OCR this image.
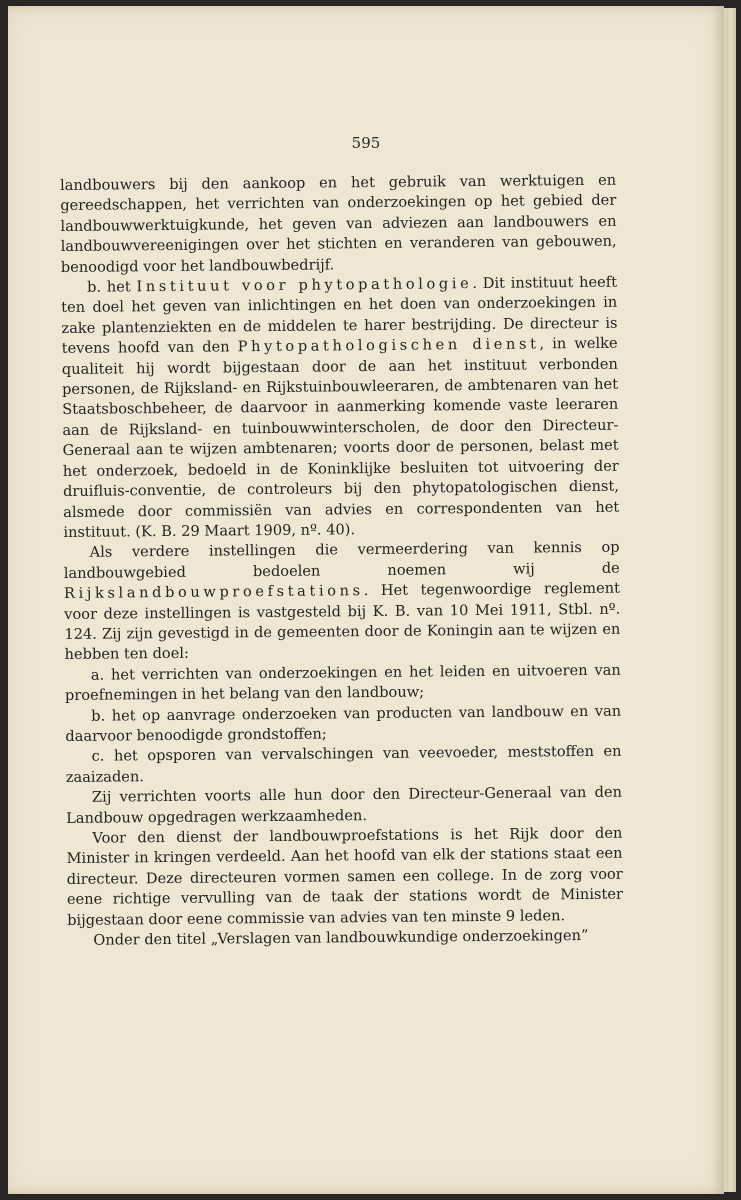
595

landbouwers bij den aankoop en het gebruik van werktuigen en gereedschappen, het verrichten van onderzoekingen op het gebied der landbouwwerktuigkunde, het geven van adviezen aan landbouwers en landbouwvereenigingen over het stichten en veranderen van gebouwen, benoodigd voor het landbouwbedrijf.

b. het Instituut voor phytopathologie. Dit instituut heeft ten doel het geven van inlichtingen en het doen van onderzoekingen in zake plantenziekten en de middelen te harer bestrijding. De directeur is tevens hoofd van den Phytopathologischen dienst, in welke qualiteit hij wordt bijgestaan door de aan het instituut verbonden personen, de Rijksland- en Rijkstuinbouwleeraren, de ambtenaren van het Staatsboschbeheer, de daarvoor in aanmerking komende vaste leeraren aan de Rijksland- en tuinbouwwinterscholen, de door den Directeur-Generaal aan te wijzen ambtenaren; voorts door de personen, belast met het onderzoek, bedoeld in de Koninklijke besluiten tot uitvoering der druifluis-conventie, de controleurs bij den phytopatologischen dienst, alsmede door commissiën van advies en correspondenten van het instituut. (K. B. 29 Maart 1909, nº. 40).

Als verdere instellingen die vermeerdering van kennis op landbouwgebied bedoelen noemen wij de Rijkslandbouwproefstations. Het tegenwoordige reglement voor deze instellingen is vastgesteld bij K. B. van 10 Mei 1911, Stbl. nº. 124. Zij zijn gevestigd in de gemeenten door de Koningin aan te wijzen en hebben ten doel:

a. het verrichten van onderzoekingen en het leiden en uitvoeren van proefnemingen in het belang van den landbouw;

b. het op aanvrage onderzoeken van producten van landbouw en van daarvoor benoodigde grondstoffen;

c. het opsporen van vervalschingen van veevoeder, meststoffen en zaaizaden.

Zij verrichten voorts alle hun door den Directeur-Generaal van den Landbouw opgedragen werkzaamheden.

Voor den dienst der landbouwproefstations is het Rijk door den Minister in kringen verdeeld. Aan het hoofd van elk der stations staat een directeur. Deze directeuren vormen samen een college. In de zorg voor eene richtige vervulling van de taak der stations wordt de Minister bijgestaan door eene commissie van advies van ten minste 9 leden.

Onder den titel „Verslagen van landbouwkundige onderzoekingen”
